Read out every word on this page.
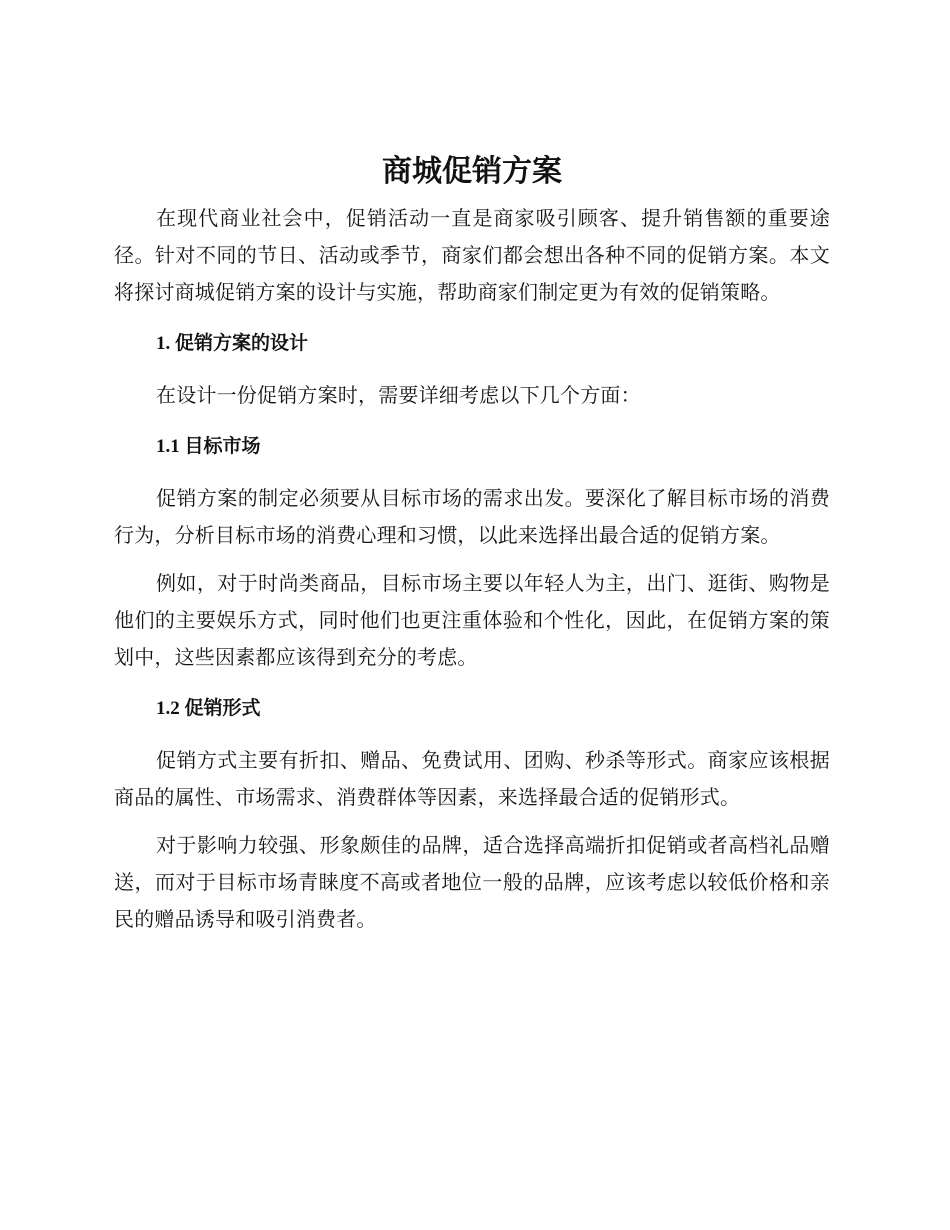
商城促销方案

在现代商业社会中，促销活动一直是商家吸引顾客、提升销售额的重要途径。针对不同的节日、活动或季节，商家们都会想出各种不同的促销方案。本文将探讨商城促销方案的设计与实施，帮助商家们制定更为有效的促销策略。

1. 促销方案的设计

在设计一份促销方案时，需要详细考虑以下几个方面：

1.1 目标市场

促销方案的制定必须要从目标市场的需求出发。要深化了解目标市场的消费行为，分析目标市场的消费心理和习惯，以此来选择出最合适的促销方案。

例如，对于时尚类商品，目标市场主要以年轻人为主，出门、逛街、购物是他们的主要娱乐方式，同时他们也更注重体验和个性化，因此，在促销方案的策划中，这些因素都应该得到充分的考虑。

1.2 促销形式

促销方式主要有折扣、赠品、免费试用、团购、秒杀等形式。商家应该根据商品的属性、市场需求、消费群体等因素，来选择最合适的促销形式。

对于影响力较强、形象颇佳的品牌，适合选择高端折扣促销或者高档礼品赠送，而对于目标市场青睐度不高或者地位一般的品牌，应该考虑以较低价格和亲民的赠品诱导和吸引消费者。
